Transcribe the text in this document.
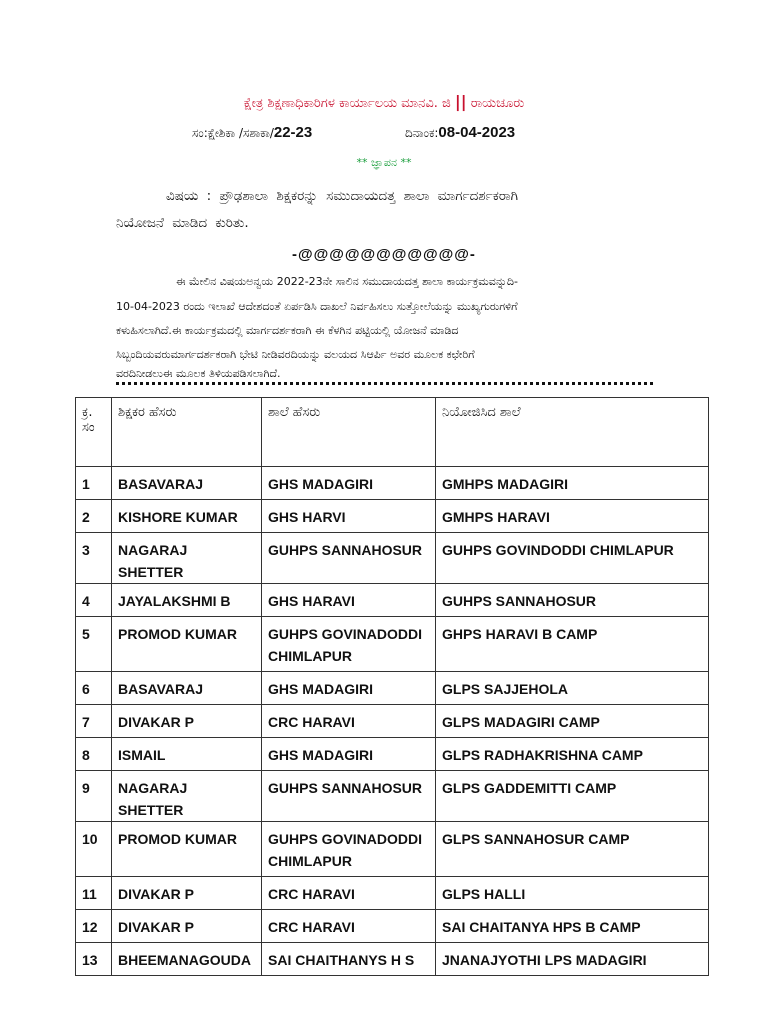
ಕ್ಷೇತ್ರ ಶಿಕ್ಷಣಾಧಿಕಾರಿಗಳ ಕಾರ್ಯಾಲಯ ಮಾನವಿ. ಜಿ || ರಾಯಚೂರು
ಸಂ:ಕ್ಷೇಶಿಕಾ /ಸಶಾಕಾ/22-23	ದಿನಾಂಕ:08-04-2023
** ಜ್ಞಾಪನ **
ವಿಷಯ : ಪ್ರೌಢಶಾಲಾ ಶಿಕ್ಷಕರನ್ನು ಸಮುದಾಯದತ್ತ ಶಾಲಾ ಮಾರ್ಗದರ್ಶಕರಾಗಿ
ನಿಯೋಜನೆ ಮಾಡಿದ ಕುರಿತು.
-@@@@@@@@@@@-
ಈ ಮೇಲಿನ ವಿಷಯಅನ್ವಯ 2022-23ನೇ ಸಾಲಿನ ಸಮುದಾಯದತ್ತ ಶಾಲಾ ಕಾರ್ಯಕ್ರಮವನ್ನುದಿ-
10-04-2023 ರಂದು ಇಲಾಖೆ ಆದೇಶದಂತೆ ಏರ್ಪಡಿಸಿ ದಾಖಲೆ ನಿರ್ವಹಿಸಲು ಸುತ್ತೋಲೆಯನ್ನು ಮುಖ್ಯಗುರುಗಳಿಗೆ
ಕಳುಹಿಸಲಾಗಿದೆ.ಈ ಕಾರ್ಯಕ್ರಮದಲ್ಲಿ ಮಾರ್ಗದರ್ಶಕರಾಗಿ ಈ ಕೆಳಗಿನ ಪಟ್ಟಿಯಲ್ಲಿ ಯೋಜನೆ ಮಾಡಿದ
ಸಿಬ್ಬಂದಿಯವರುಮಾರ್ಗದರ್ಶಕರಾಗಿ ಭೇಟಿ ನೀಡಿವರದಿಯನ್ನು ವಲಯದ ಸಿಆರ್ಪಿ ಅವರ ಮೂಲಕ ಕಛೇರಿಗೆ
ವರದಿನೀಡಲುಈ ಮೂಲಕ ತಿಳಿಯಪಡಿಸಲಾಗಿದೆ.
ಕ್ರ. ಸಂ	ಶಿಕ್ಷಕರ ಹೆಸರು	ಶಾಲೆ ಹೆಸರು	ನಿಯೋಜಿಸಿದ ಶಾಲೆ
1	BASAVARAJ	GHS MADAGIRI	GMHPS MADAGIRI
2	KISHORE KUMAR	GHS HARVI	GMHPS HARAVI
3	NAGARAJ SHETTER	GUHPS SANNAHOSUR	GUHPS GOVINDODDI CHIMLAPUR
4	JAYALAKSHMI B	GHS HARAVI	GUHPS SANNAHOSUR
5	PROMOD KUMAR	GUHPS GOVINADODDI CHIMLAPUR	GHPS HARAVI B CAMP
6	BASAVARAJ	GHS MADAGIRI	GLPS SAJJEHOLA
7	DIVAKAR P	CRC HARAVI	GLPS MADAGIRI CAMP
8	ISMAIL	GHS MADAGIRI	GLPS RADHAKRISHNA CAMP
9	NAGARAJ SHETTER	GUHPS SANNAHOSUR	GLPS GADDEMITTI CAMP
10	PROMOD KUMAR	GUHPS GOVINADODDI CHIMLAPUR	GLPS SANNAHOSUR CAMP
11	DIVAKAR P	CRC HARAVI	GLPS HALLI
12	DIVAKAR P	CRC HARAVI	SAI CHAITANYA HPS B CAMP
13	BHEEMANAGOUDA	SAI CHAITHANYS H S	JNANAJYOTHI LPS MADAGIRI
